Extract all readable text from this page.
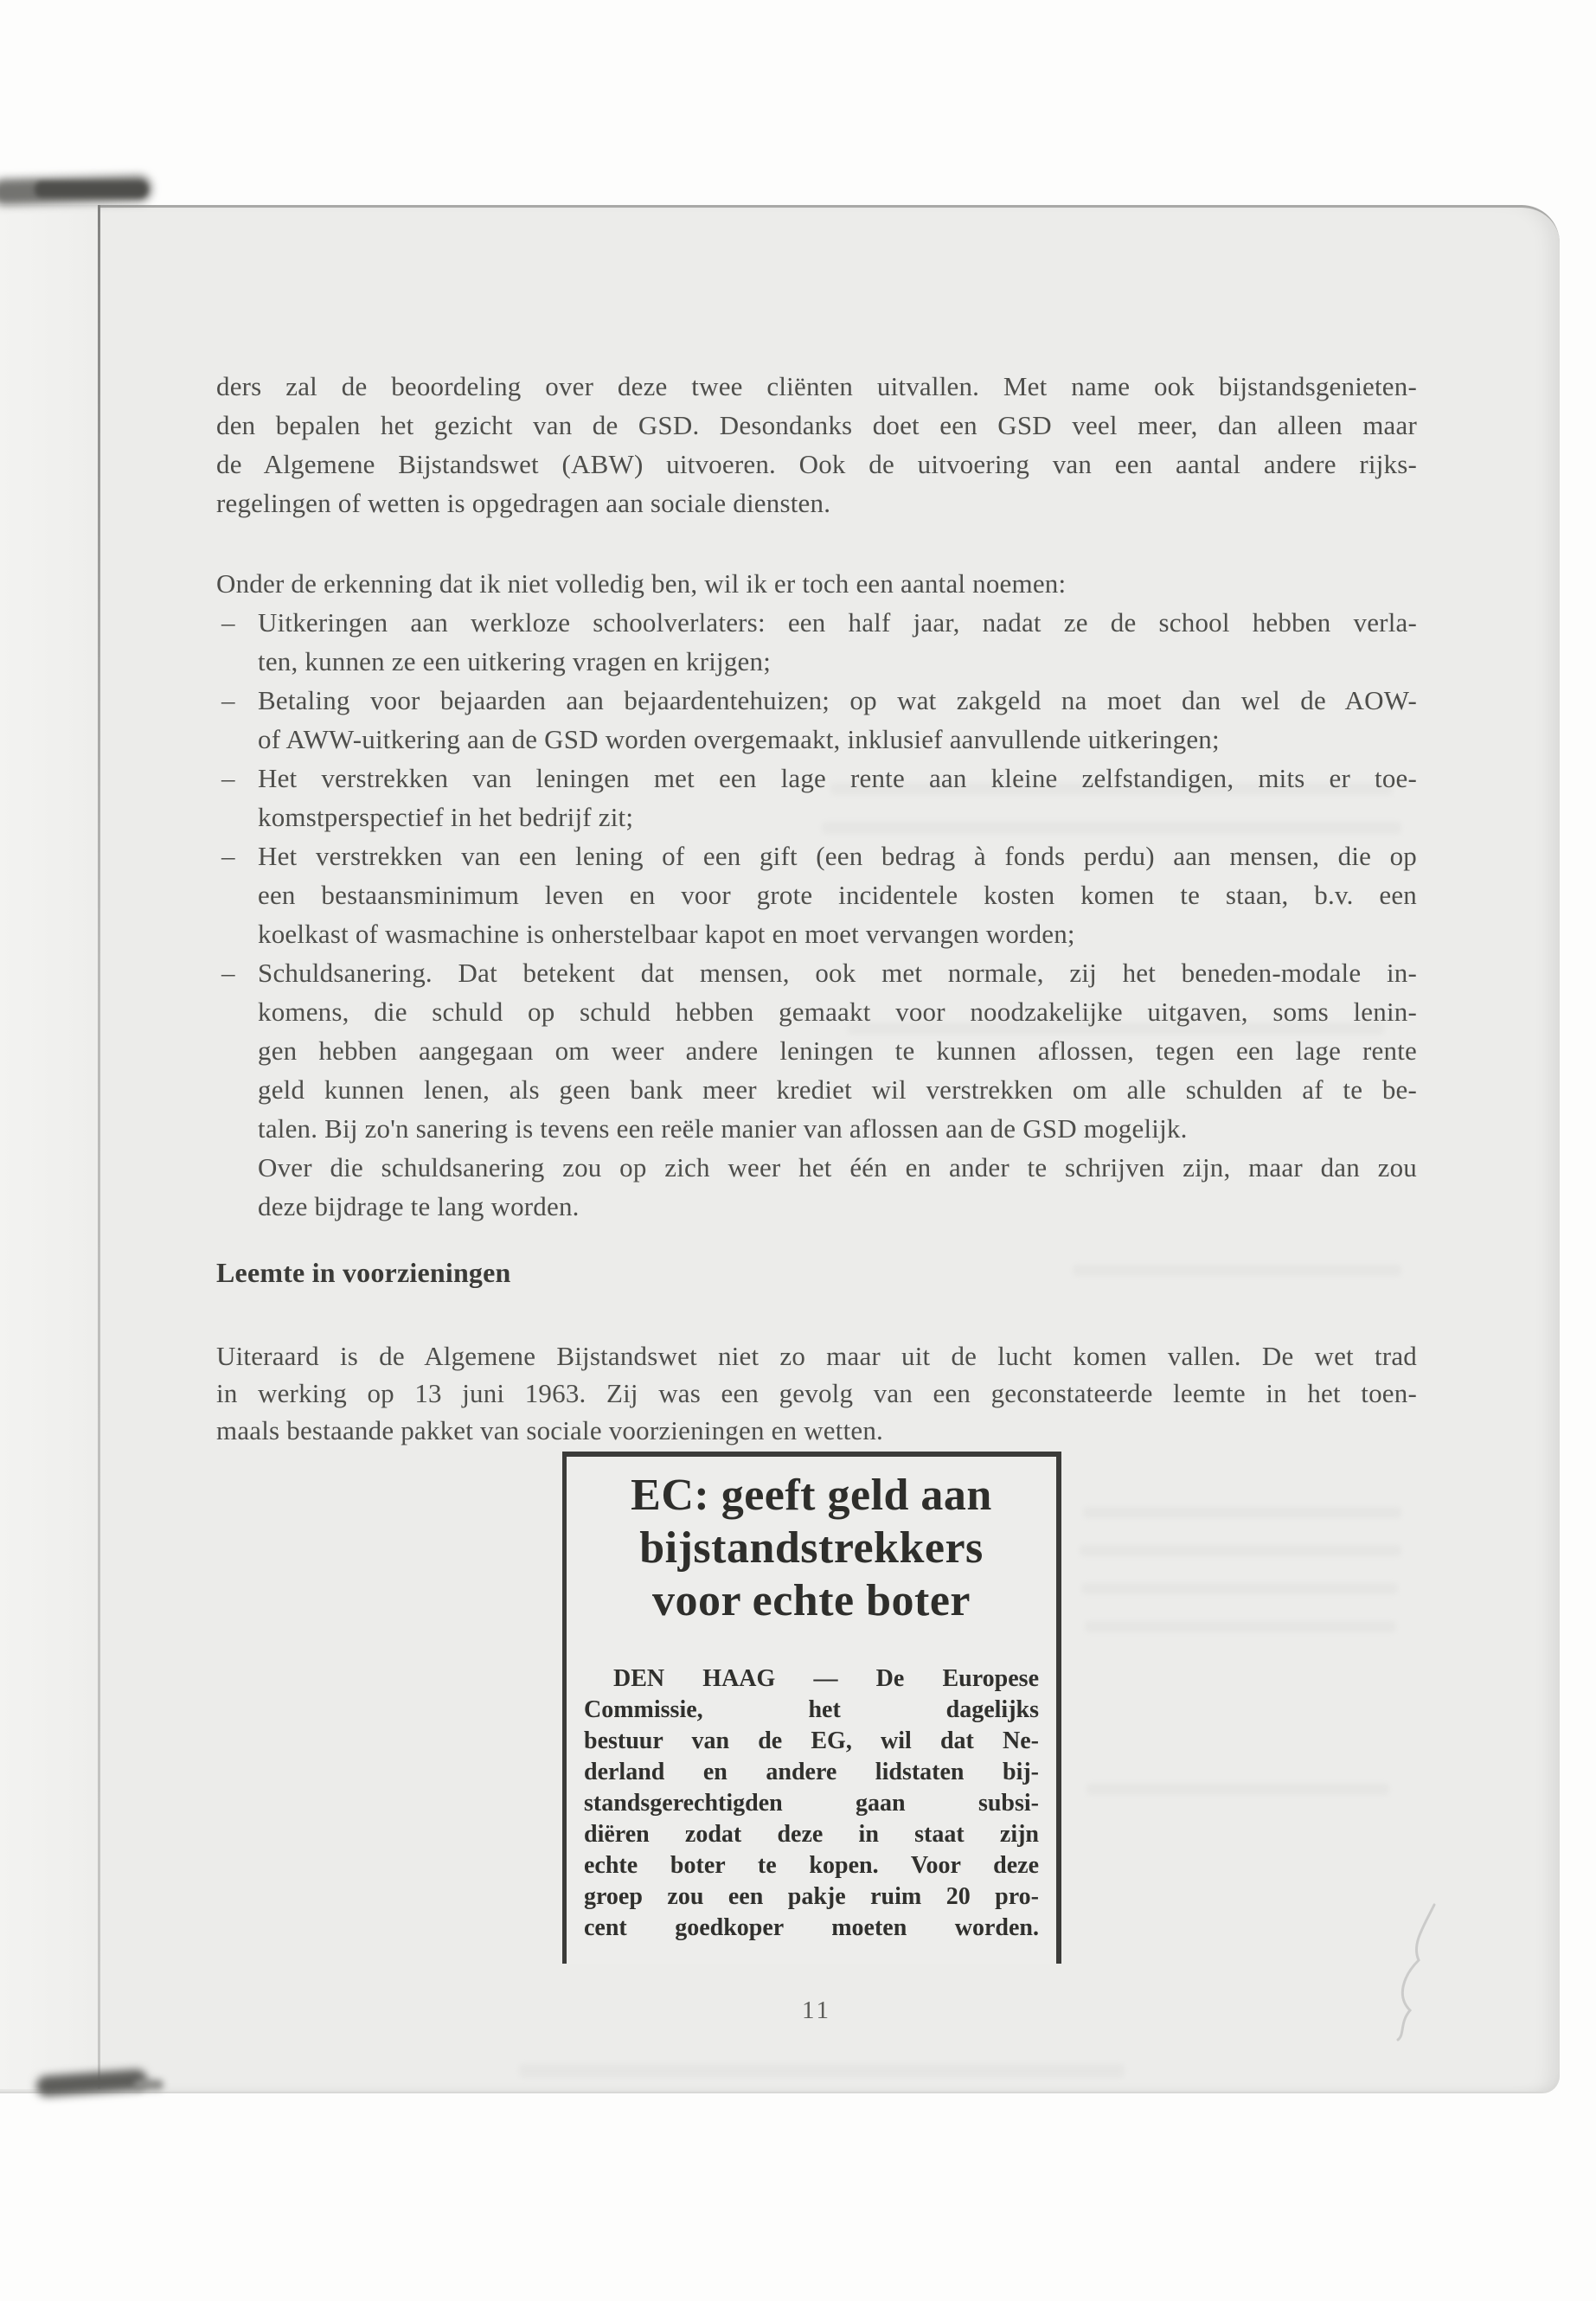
ders zal de beoordeling over deze twee cliënten uitvallen. Met name ook bijstandsgenieten-
den bepalen het gezicht van de GSD. Desondanks doet een GSD veel meer, dan alleen maar
de Algemene Bijstandswet (ABW) uitvoeren. Ook de uitvoering van een aantal andere rijks-
regelingen of wetten is opgedragen aan sociale diensten.
Onder de erkenning dat ik niet volledig ben, wil ik er toch een aantal noemen:
– Uitkeringen aan werkloze schoolverlaters: een half jaar, nadat ze de school hebben verla-
ten, kunnen ze een uitkering vragen en krijgen;
– Betaling voor bejaarden aan bejaardentehuizen; op wat zakgeld na moet dan wel de AOW-
of AWW-uitkering aan de GSD worden overgemaakt, inklusief aanvullende uitkeringen;
– Het verstrekken van leningen met een lage rente aan kleine zelfstandigen, mits er toe-
komstperspectief in het bedrijf zit;
– Het verstrekken van een lening of een gift (een bedrag à fonds perdu) aan mensen, die op
een bestaansminimum leven en voor grote incidentele kosten komen te staan, b.v. een
koelkast of wasmachine is onherstelbaar kapot en moet vervangen worden;
– Schuldsanering. Dat betekent dat mensen, ook met normale, zij het beneden-modale in-
komens, die schuld op schuld hebben gemaakt voor noodzakelijke uitgaven, soms lenin-
gen hebben aangegaan om weer andere leningen te kunnen aflossen, tegen een lage rente
geld kunnen lenen, als geen bank meer krediet wil verstrekken om alle schulden af te be-
talen. Bij zo'n sanering is tevens een reële manier van aflossen aan de GSD mogelijk.
Over die schuldsanering zou op zich weer het één en ander te schrijven zijn, maar dan zou
deze bijdrage te lang worden.
Leemte in voorzieningen
Uiteraard is de Algemene Bijstandswet niet zo maar uit de lucht komen vallen. De wet trad
in werking op 13 juni 1963. Zij was een gevolg van een geconstateerde leemte in het toen-
maals bestaande pakket van sociale voorzieningen en wetten.
EC: geeft geld aan
bijstandstrekkers
voor echte boter
DEN HAAG — De Europese
Commissie, het dagelijks
bestuur van de EG, wil dat Ne-
derland en andere lidstaten bij-
standsgerechtigden gaan subsi-
diëren zodat deze in staat zijn
echte boter te kopen. Voor deze
groep zou een pakje ruim 20 pro-
cent goedkoper moeten worden.
11
